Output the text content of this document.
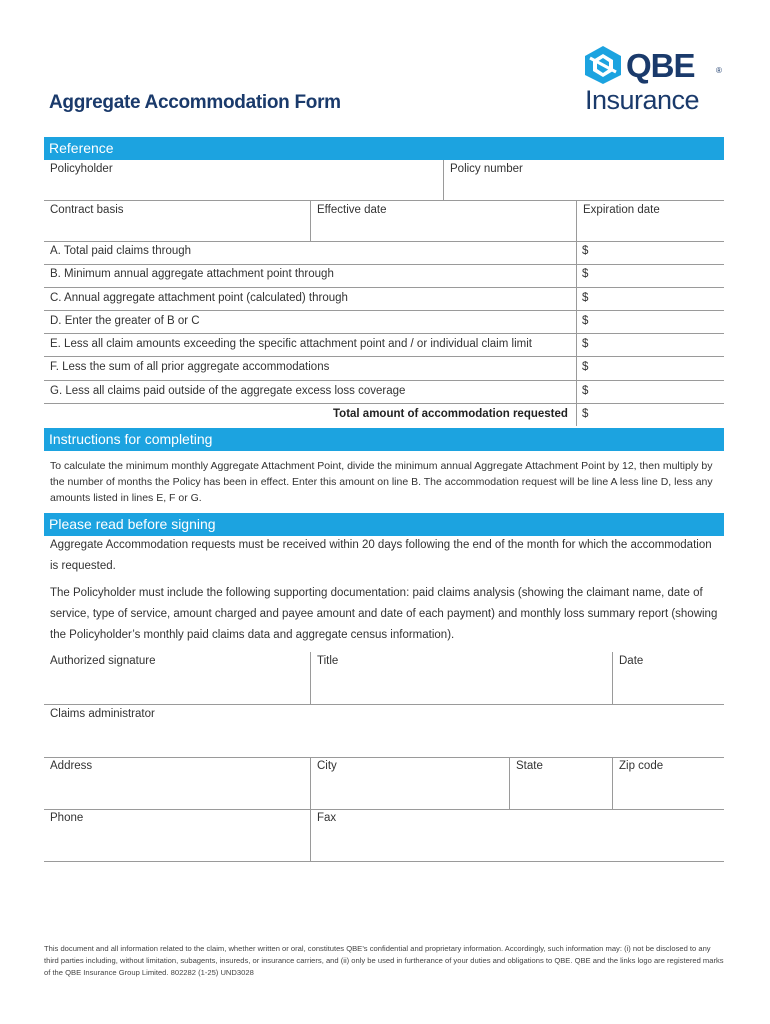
QBE	®
Insurance
Aggregate Accommodation Form
Reference
Policyholder	Policy number
Contract basis	Effective date	Expiration date
A. Total paid claims through	$
B. Minimum annual aggregate attachment point through	$
C. Annual aggregate attachment point (calculated) through	$
D. Enter the greater of B or C	$
E. Less all claim amounts exceeding the specific attachment point and / or individual claim limit	$
F. Less the sum of all prior aggregate accommodations	$
G. Less all claims paid outside of the aggregate excess loss coverage	$
Total amount of accommodation requested $
Instructions for completing
To calculate the minimum monthly Aggregate Attachment Point, divide the minimum annual Aggregate Attachment Point by 12, then multiply by the number of months the Policy has been in effect. Enter this amount on line B. The accommodation request will be line A less line D, less any amounts listed in lines E, F or G.
Please read before signing
Aggregate Accommodation requests must be received within 20 days following the end of the month for which the accommodation is requested.
The Policyholder must include the following supporting documentation: paid claims analysis (showing the claimant name, date of service, type of service, amount charged and payee amount and date of each payment) and monthly loss summary report (showing the Policyholder’s monthly paid claims data and aggregate census information).
Authorized signature	Title	Date
Claims administrator
Address	City	State	Zip code
Phone	Fax
This document and all information related to the claim, whether written or oral, constitutes QBE’s confidential and proprietary information. Accordingly, such information may: (i) not be disclosed to any third parties including, without limitation, subagents, insureds, or insurance carriers, and (ii) only be used in furtherance of your duties and obligations to QBE. QBE and the links logo are registered marks of the QBE Insurance Group Limited. 802282 (1-25) UND3028
